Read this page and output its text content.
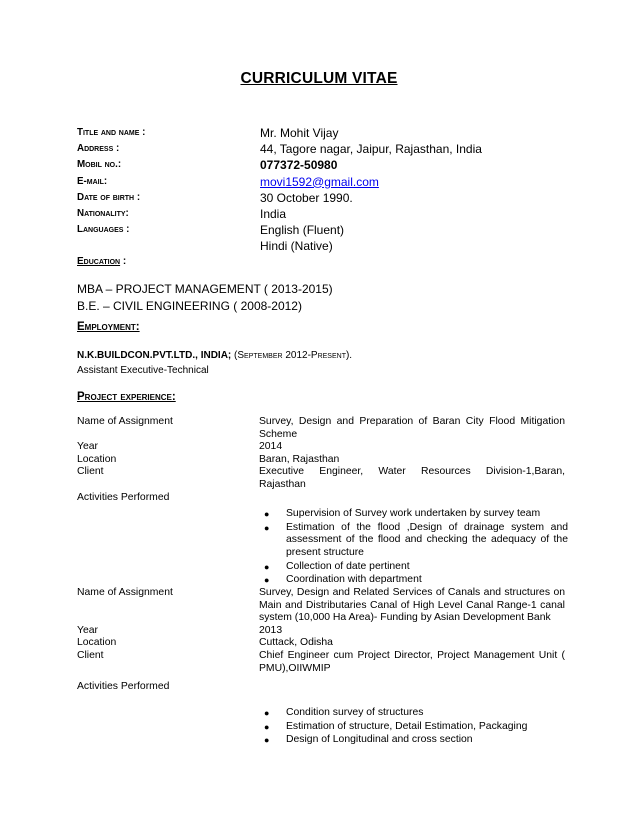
CURRICULUM VITAE
Title and name :	Mr. Mohit Vijay
Address :	44, Tagore nagar, Jaipur, Rajasthan, India
Mobil no.:	077372-50980
E-mail:	movi1592@gmail.com
Date of birth :	30 October 1990.
Nationality:	India
Languages :	English (Fluent)
Hindi (Native)
Education :
MBA – PROJECT MANAGEMENT ( 2013-2015)
B.E. – CIVIL ENGINEERING ( 2008-2012)
Employment:
N.K.BUILDCON.PVT.LTD., INDIA; (September 2012-Present).
Assistant Executive-Technical
Project experience:
Name of Assignment	Survey, Design and Preparation of Baran City Flood Mitigation Scheme
Year	2014
Location	Baran, Rajasthan
Client	Executive Engineer, Water Resources Division-1,Baran, Rajasthan
Activities Performed
●	Supervision of Survey work undertaken by survey team
●	Estimation of the flood ,Design of drainage system and assessment of the flood and checking the adequacy of the present structure
●	Collection of date pertinent
●	Coordination with department
Name of Assignment	Survey, Design and Related Services of Canals and structures on Main and Distributaries Canal of High Level Canal Range-1 canal system (10,000 Ha Area)- Funding by Asian Development Bank
Year	2013
Location	Cuttack, Odisha
Client	Chief Engineer cum Project Director, Project Management Unit ( PMU),OIIWMIP
Activities Performed
●	Condition survey of structures
●	Estimation of structure, Detail Estimation, Packaging
●	Design of Longitudinal and cross section
